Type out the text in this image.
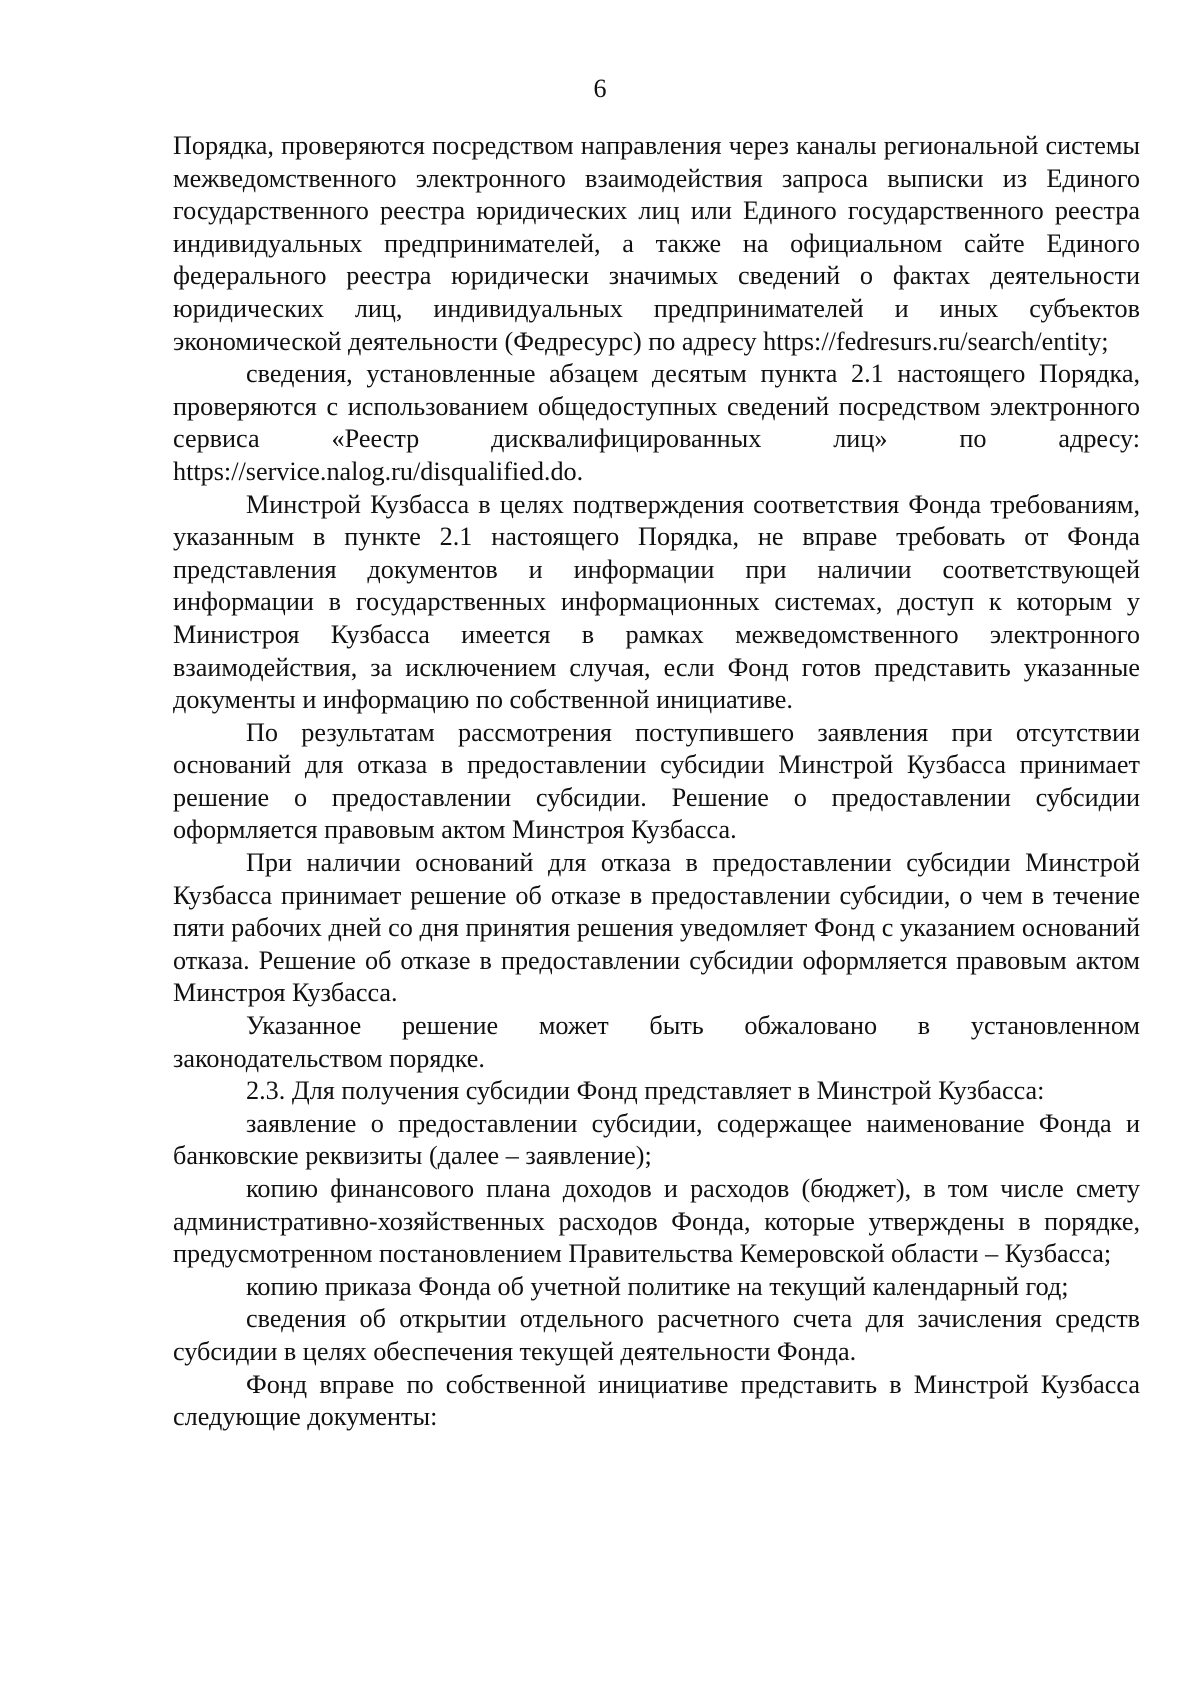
6

Порядка, проверяются посредством направления через каналы региональной системы межведомственного электронного взаимодействия запроса выписки из Единого государственного реестра юридических лиц или Единого государственного реестра индивидуальных предпринимателей, а также на официальном сайте Единого федерального реестра юридически значимых сведений о фактах деятельности юридических лиц, индивидуальных предпринимателей и иных субъектов экономической деятельности (Федресурс) по адресу https://fedresurs.ru/search/entity;

сведения, установленные абзацем десятым пункта 2.1 настоящего Порядка, проверяются с использованием общедоступных сведений посредством электронного сервиса «Реестр дисквалифицированных лиц» по адресу: https://service.nalog.ru/disqualified.do.

Минстрой Кузбасса в целях подтверждения соответствия Фонда требованиям, указанным в пункте 2.1 настоящего Порядка, не вправе требовать от Фонда представления документов и информации при наличии соответствующей информации в государственных информационных системах, доступ к которым у Министроя Кузбасса имеется в рамках межведомственного электронного взаимодействия, за исключением случая, если Фонд готов представить указанные документы и информацию по собственной инициативе.

По результатам рассмотрения поступившего заявления при отсутствии оснований для отказа в предоставлении субсидии Минстрой Кузбасса принимает решение о предоставлении субсидии. Решение о предоставлении субсидии оформляется правовым актом Минстроя Кузбасса.

При наличии оснований для отказа в предоставлении субсидии Минстрой Кузбасса принимает решение об отказе в предоставлении субсидии, о чем в течение пяти рабочих дней со дня принятия решения уведомляет Фонд с указанием оснований отказа. Решение об отказе в предоставлении субсидии оформляется правовым актом Минстроя Кузбасса.

Указанное решение может быть обжаловано в установленном законодательством порядке.

2.3. Для получения субсидии Фонд представляет в Минстрой Кузбасса:

заявление о предоставлении субсидии, содержащее наименование Фонда и банковские реквизиты (далее – заявление);

копию финансового плана доходов и расходов (бюджет), в том числе смету административно-хозяйственных расходов Фонда, которые утверждены в порядке, предусмотренном постановлением Правительства Кемеровской области – Кузбасса;

копию приказа Фонда об учетной политике на текущий календарный год;

сведения об открытии отдельного расчетного счета для зачисления средств субсидии в целях обеспечения текущей деятельности Фонда.

Фонд вправе по собственной инициативе представить в Минстрой Кузбасса следующие документы:
